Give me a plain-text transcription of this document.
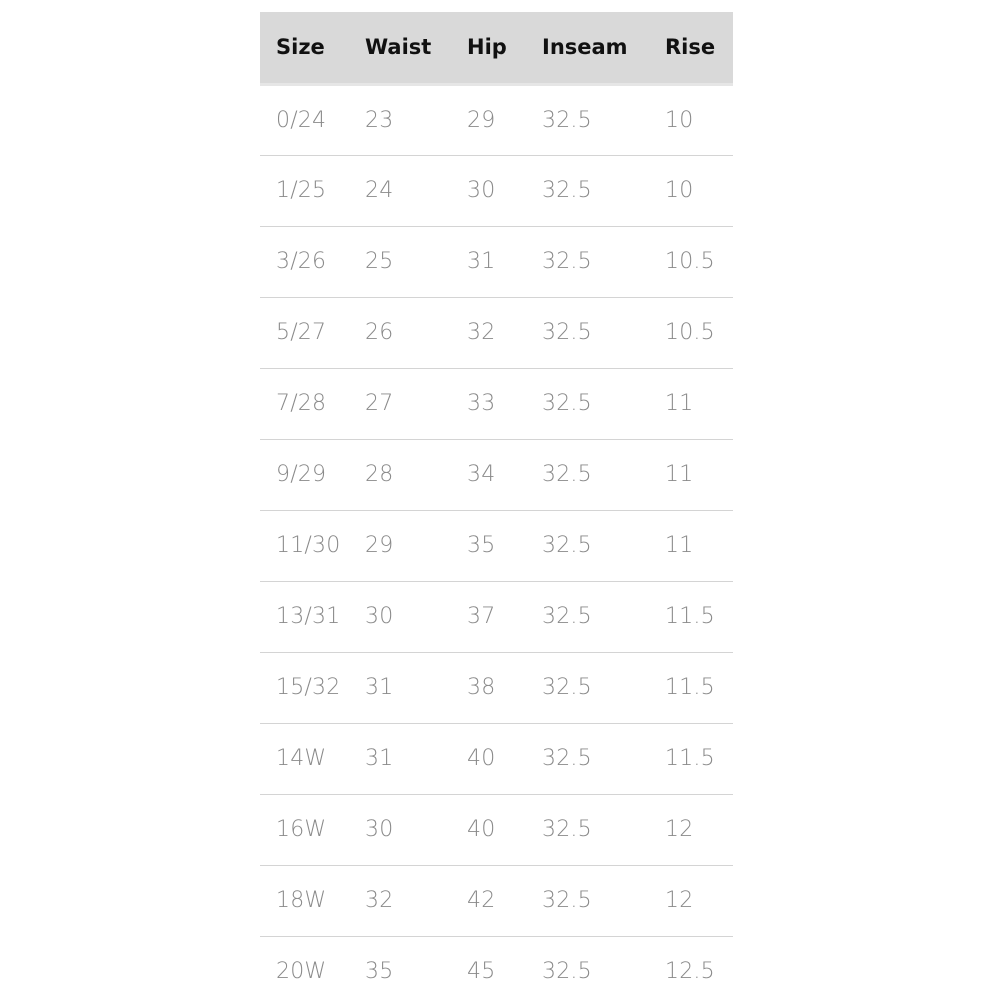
Size	Waist	Hip	Inseam	Rise
0/24	23	29	32.5	10
1/25	24	30	32.5	10
3/26	25	31	32.5	10.5
5/27	26	32	32.5	10.5
7/28	27	33	32.5	11
9/29	28	34	32.5	11
11/30	29	35	32.5	11
13/31	30	37	32.5	11.5
15/32	31	38	32.5	11.5
14W	31	40	32.5	11.5
16W	30	40	32.5	12
18W	32	42	32.5	12
20W	35	45	32.5	12.5
